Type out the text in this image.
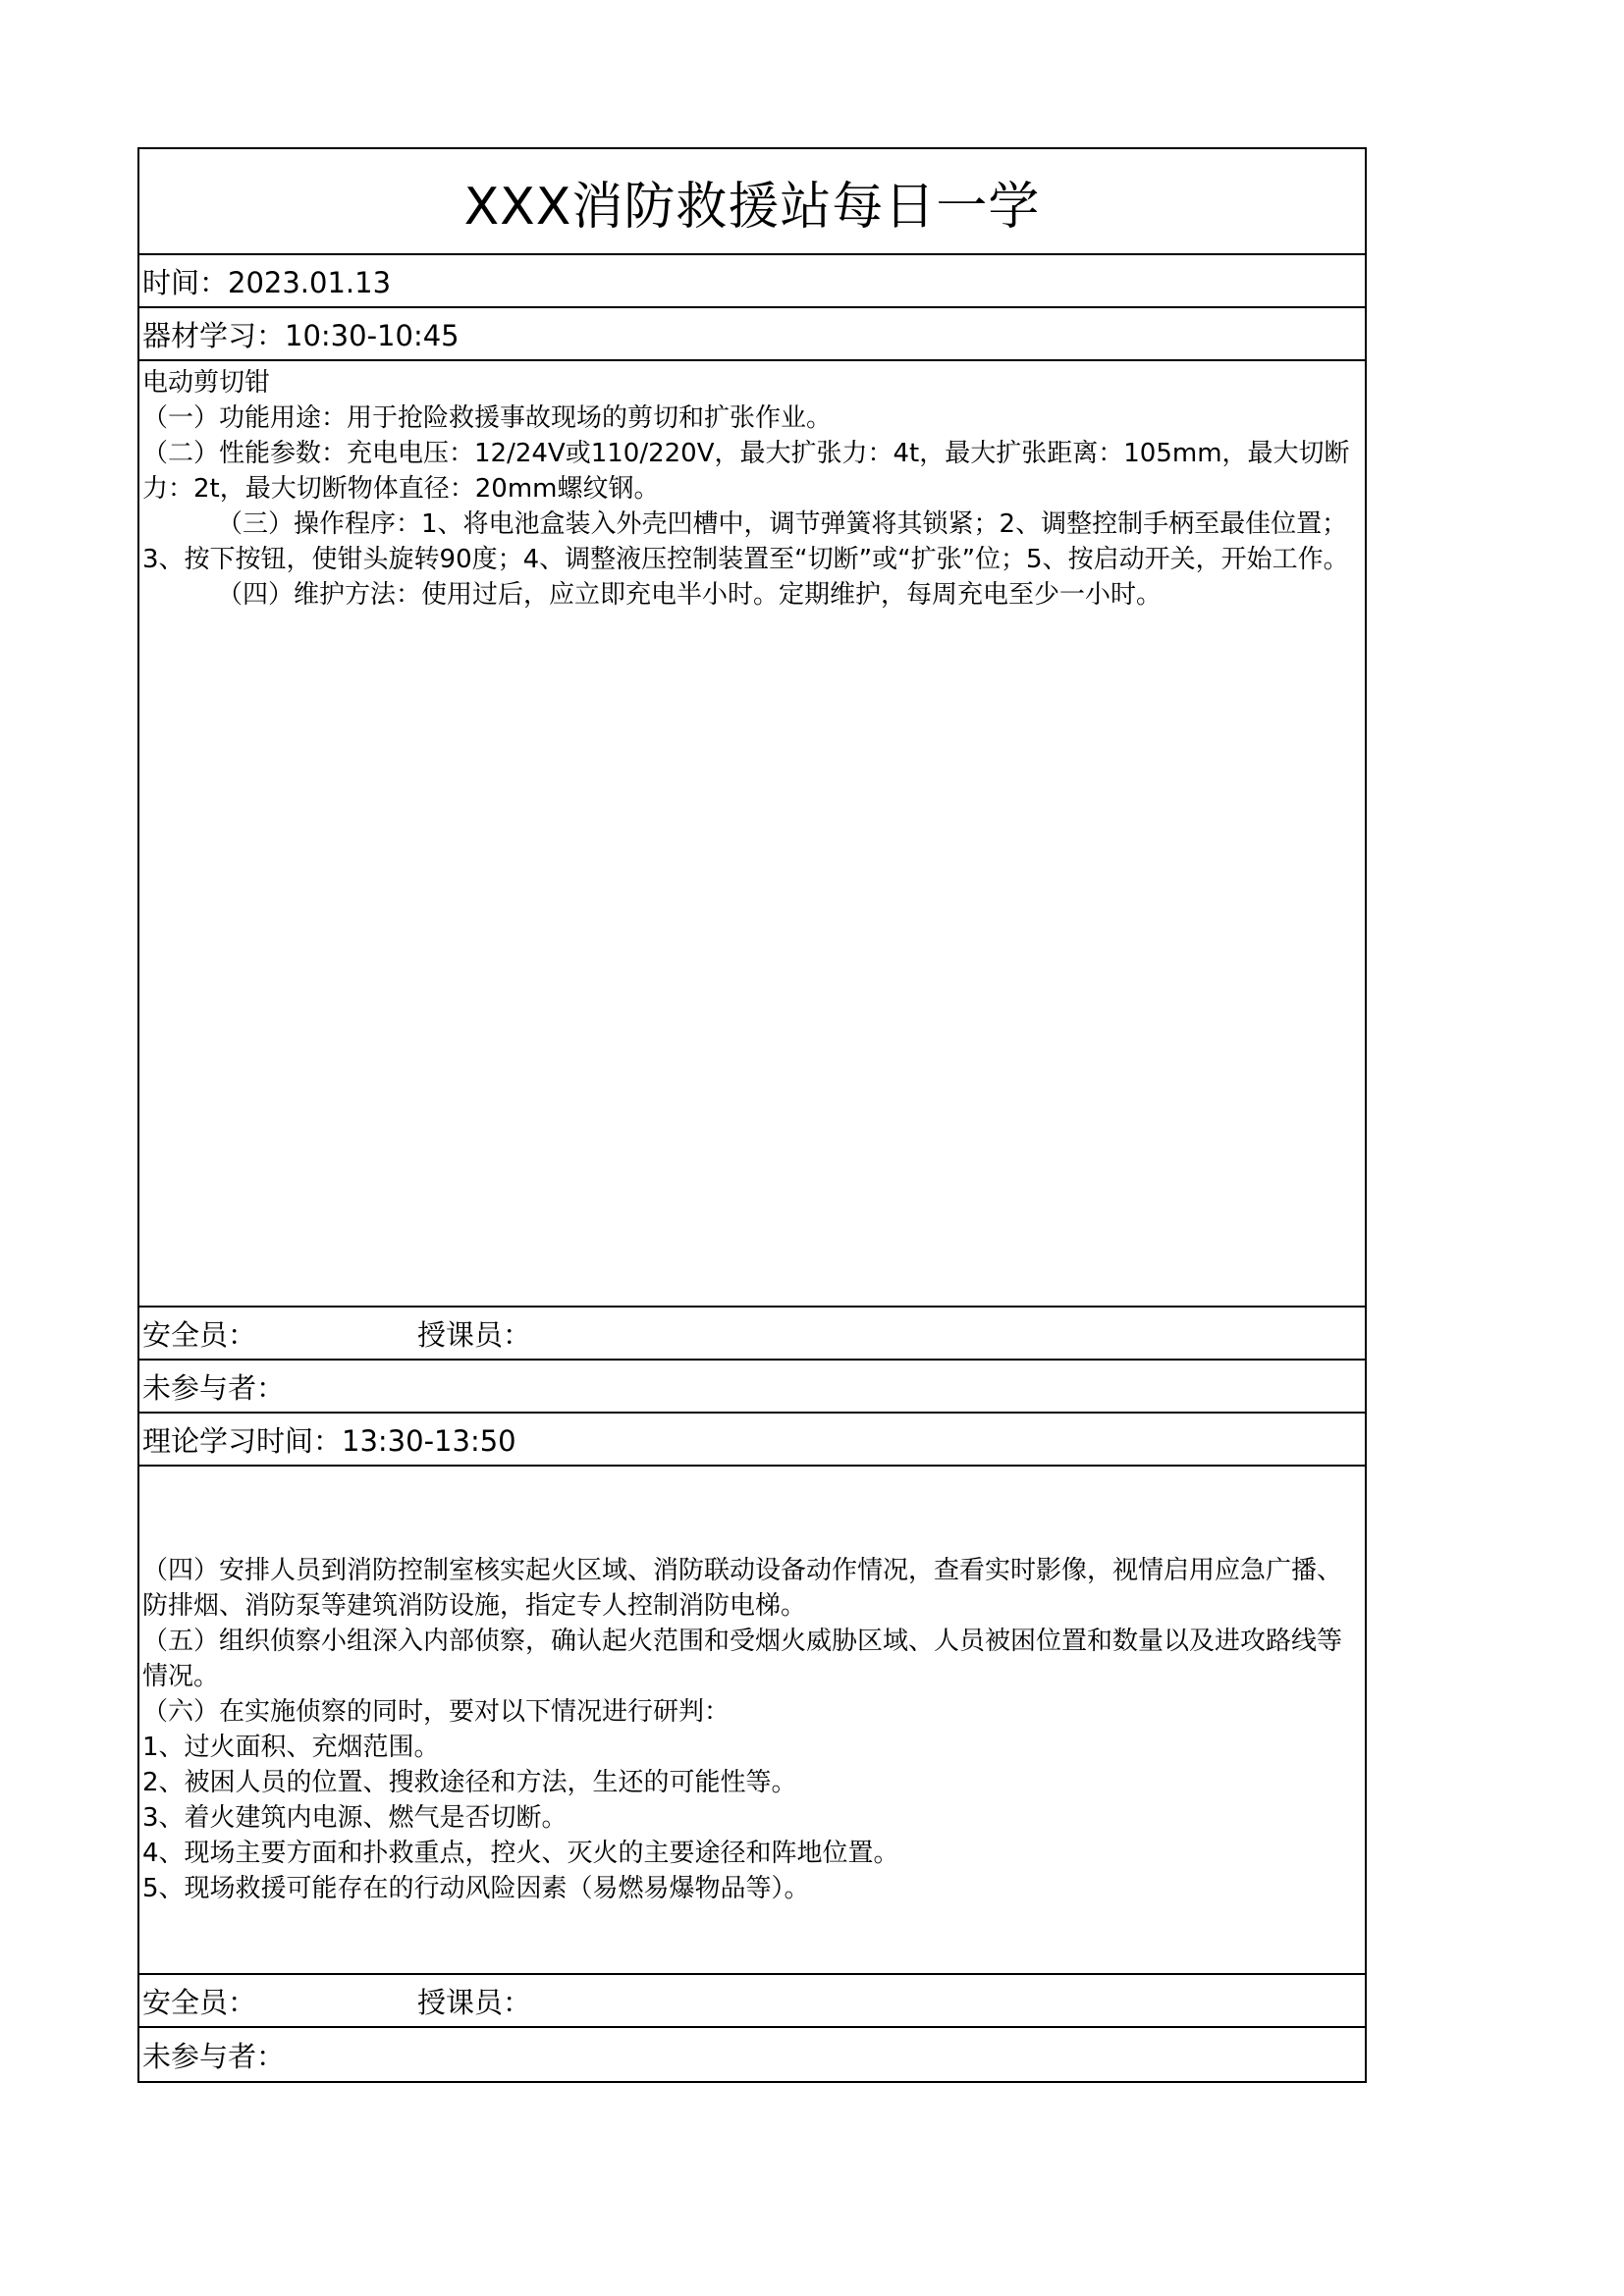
XXX消防救援站每日一学
时间：2023.01.13
器材学习：10:30-10:45

电动剪切钳

（一）功能用途：用于抢险救援事故现场的剪切和扩张作业。

（二）性能参数：充电电压：12/24V或110/220V，最大扩张力：4t，最大扩张距离：105mm，最大切断力：2t，最大切断物体直径：20mm螺纹钢。

（三）操作程序：1、将电池盒装入外壳凹槽中，调节弹簧将其锁紧；2、调整控制手柄至最佳位置；3、按下按钮，使钳头旋转90度；4、调整液压控制装置至“切断”或“扩张”位；5、按启动开关，开始工作。

（四）维护方法：使用过后，应立即充电半小时。定期维护，每周充电至少一小时。

安全员：	授课员：
未参与者：
理论学习时间：13:30-13:50

（四）安排人员到消防控制室核实起火区域、消防联动设备动作情况，查看实时影像，视情启用应急广播、防排烟、消防泵等建筑消防设施，指定专人控制消防电梯。

（五）组织侦察小组深入内部侦察，确认起火范围和受烟火威胁区域、人员被困位置和数量以及进攻路线等情况。

（六）在实施侦察的同时，要对以下情况进行研判：

1、过火面积、充烟范围。

2、被困人员的位置、搜救途径和方法，生还的可能性等。

3、着火建筑内电源、燃气是否切断。

4、现场主要方面和扑救重点，控火、灭火的主要途径和阵地位置。

5、现场救援可能存在的行动风险因素（易燃易爆物品等）。

安全员：	授课员：
未参与者：
